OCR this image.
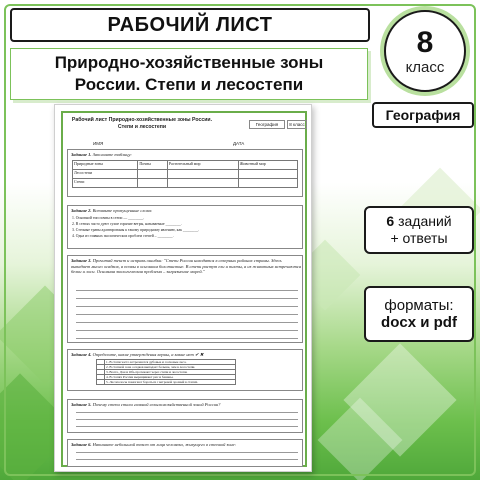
РАБОЧИЙ ЛИСТ
Природно-хозяйственные зоны
России. Степи и лесостепи
8
класс
География
6 заданий
+ ответы
форматы:
docx и pdf
Рабочий лист Природно-хозяйственные зоны России. Степи и лесостепи	География	8 класс
ИМЯ	ДАТА
Задание 1. Заполните таблицу:
Природные зоны	Почвы	Растительный мир	Животный мир
Лесостепи			
Степи			
Задание 2. Вставьте пропущенные слова:
1. Основной тип почвы в степи — ________.
2. В степях часто дуют сухие горячие ветры, называемые ________.
3. Степные травы адаптированы к такому природному явлению, как ________.
4. Одна из главных экологических проблем степей – ________.
Задание 3. Прочитай текст и исправь ошибки: "Степи России находятся в северных районах страны. Здесь выпадает много осадков, а почвы в основном болотистые. В степи растут ели и пихты, а из животных встречаются белки и лоси. Основная экологическая проблема – загрязнение морей."
Задание 4. Определите, какие утверждения верны, а какие нет ✔ ✖
	1. В степи часто встречаются дубовые и сосновые леса.
	2. В степной зоне осадков выпадает больше, чем в лесостепи.
	3. Волга, Дон и Обь протекают через степи и лесостепи.
	4. В степях России выращивают рис и бананы.
	5. Лесополосы помогают бороться с ветровой эрозией в степях.
Задание 5. Почему степи стали главной сельскохозяйственной зоной России?
Задание 6. Напишите небольшой текст от лица человека, живущего в степной зоне:
